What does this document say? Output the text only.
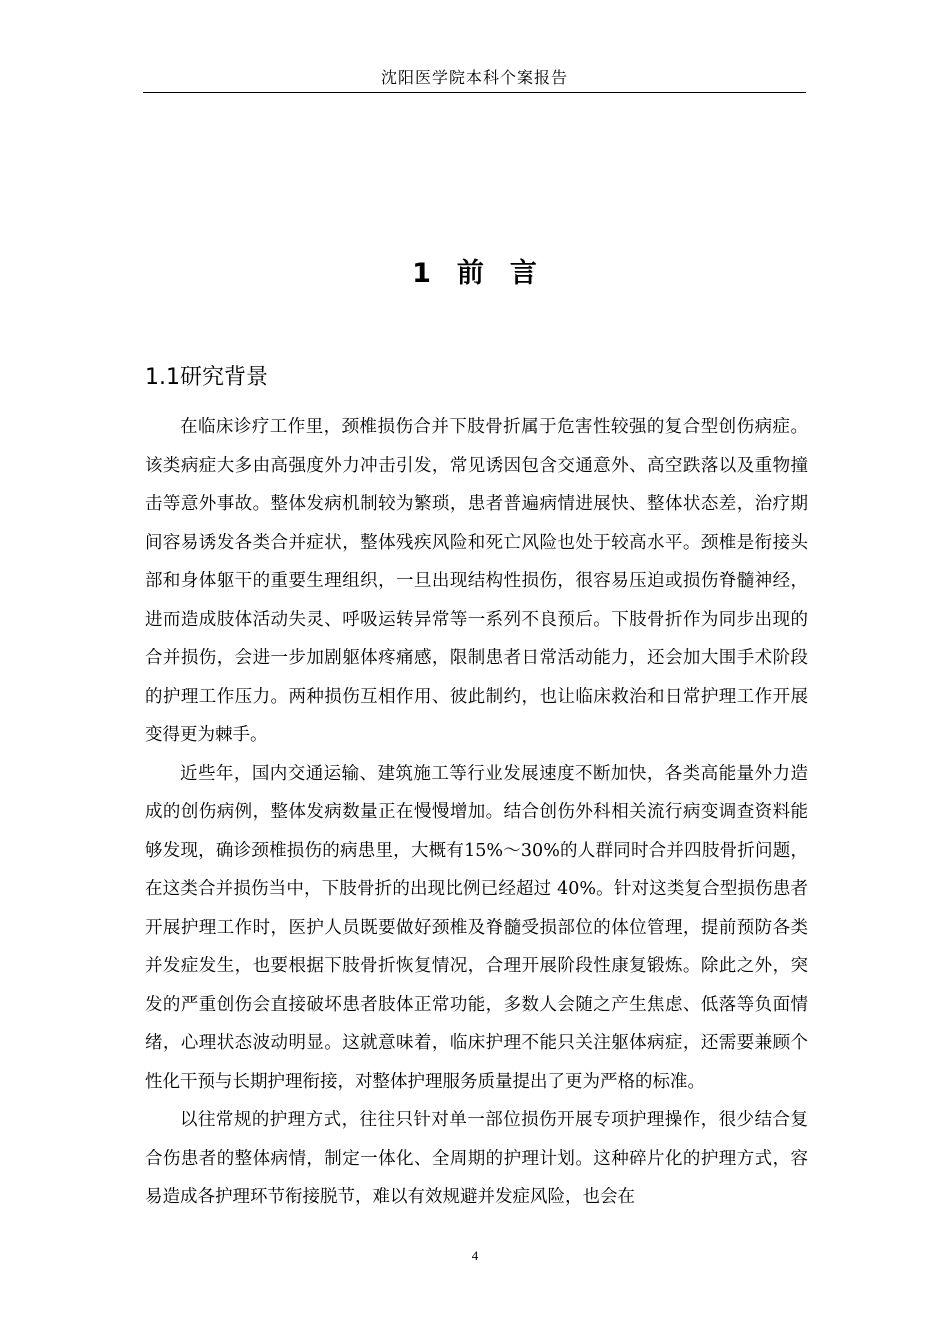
沈阳医学院本科个案报告
1 前 言
1.1研究背景

在临床诊疗工作里，颈椎损伤合并下肢骨折属于危害性较强的复合型创伤病症。该类病症大多由高强度外力冲击引发，常见诱因包含交通意外、高空跌落以及重物撞击等意外事故。整体发病机制较为繁琐，患者普遍病情进展快、整体状态差，治疗期间容易诱发各类合并症状，整体残疾风险和死亡风险也处于较高水平。颈椎是衔接头部和身体躯干的重要生理组织，一旦出现结构性损伤，很容易压迫或损伤脊髓神经，进而造成肢体活动失灵、呼吸运转异常等一系列不良预后。下肢骨折作为同步出现的合并损伤，会进一步加剧躯体疼痛感，限制患者日常活动能力，还会加大围手术阶段的护理工作压力。两种损伤互相作用、彼此制约，也让临床救治和日常护理工作开展变得更为棘手。

近些年，国内交通运输、建筑施工等行业发展速度不断加快，各类高能量外力造成的创伤病例，整体发病数量正在慢慢增加。结合创伤外科相关流行病变调查资料能够发现，确诊颈椎损伤的病患里，大概有15%～30%的人群同时合并四肢骨折问题，在这类合并损伤当中，下肢骨折的出现比例已经超过 40%。针对这类复合型损伤患者开展护理工作时，医护人员既要做好颈椎及脊髓受损部位的体位管理，提前预防各类并发症发生，也要根据下肢骨折恢复情况，合理开展阶段性康复锻炼。除此之外，突发的严重创伤会直接破坏患者肢体正常功能，多数人会随之产生焦虑、低落等负面情绪，心理状态波动明显。这就意味着，临床护理不能只关注躯体病症，还需要兼顾个性化干预与长期护理衔接，对整体护理服务质量提出了更为严格的标准。

以往常规的护理方式，往往只针对单一部位损伤开展专项护理操作，很少结合复合伤患者的整体病情，制定一体化、全周期的护理计划。这种碎片化的护理方式，容易造成各护理环节衔接脱节，难以有效规避并发症风险，也会在

4
